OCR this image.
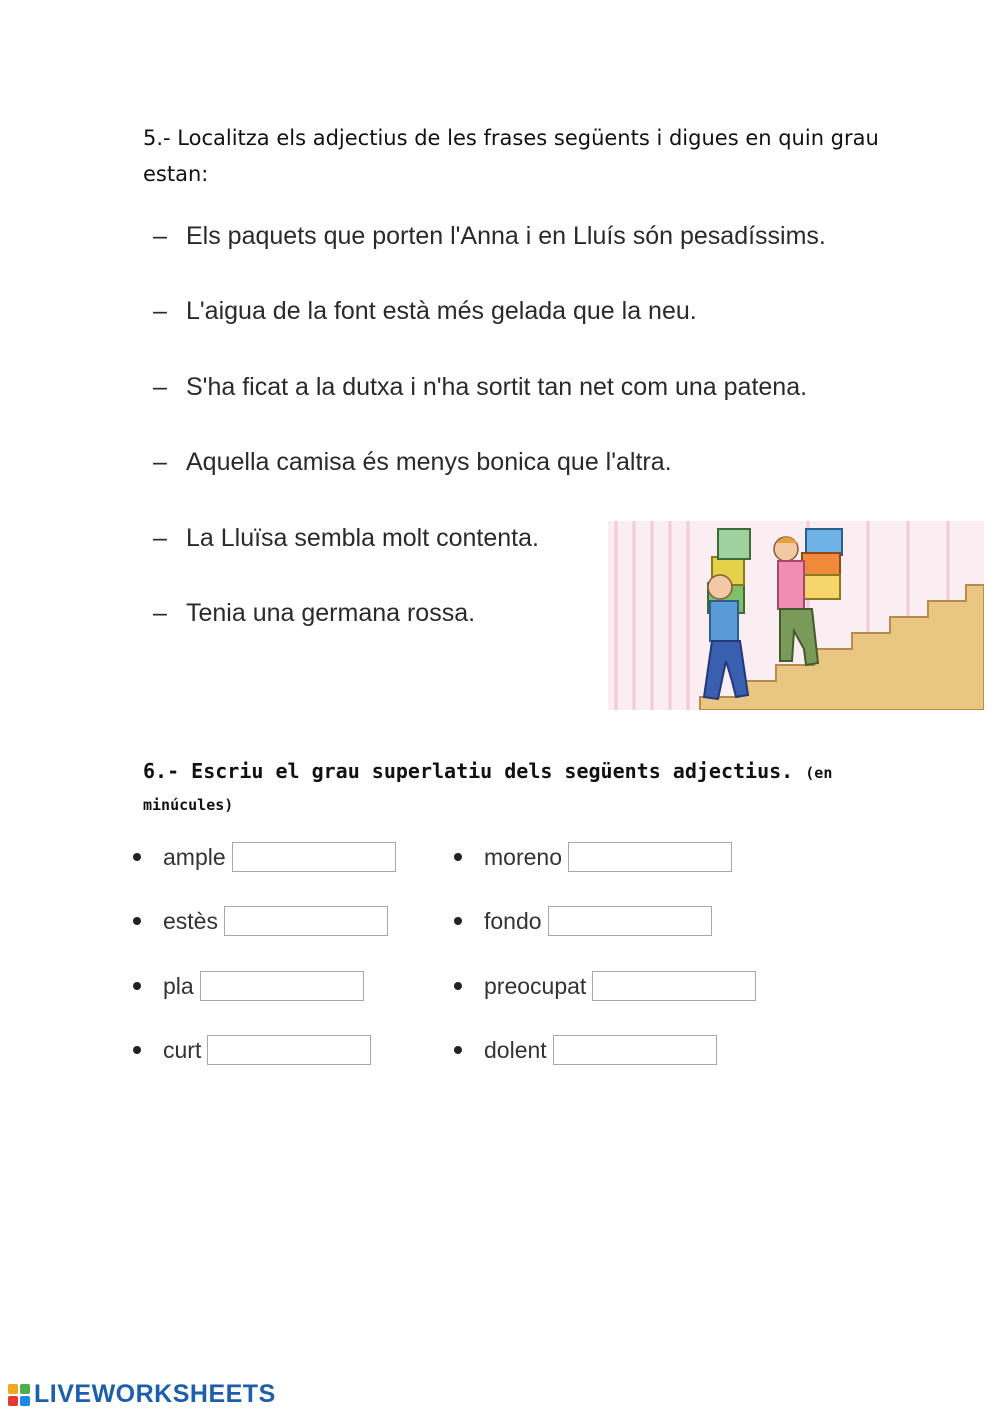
5.- Localitza els adjectius de les frases següents i digues en quin grau estan:
– Els paquets que porten l'Anna i en Lluís són pesadíssims.
– L'aigua de la font està més gelada que la neu.
– S'ha ficat a la dutxa i n'ha sortit tan net com una patena.
– Aquella camisa és menys bonica que l'altra.
– La Lluïsa sembla molt contenta.
– Tenia una germana rossa.
6.- Escriu el grau superlatiu dels següents adjectius. (en minúcules)
ample
estès
pla
curt
moreno
fondo
preocupat
dolent
LIVEWORKSHEETS
